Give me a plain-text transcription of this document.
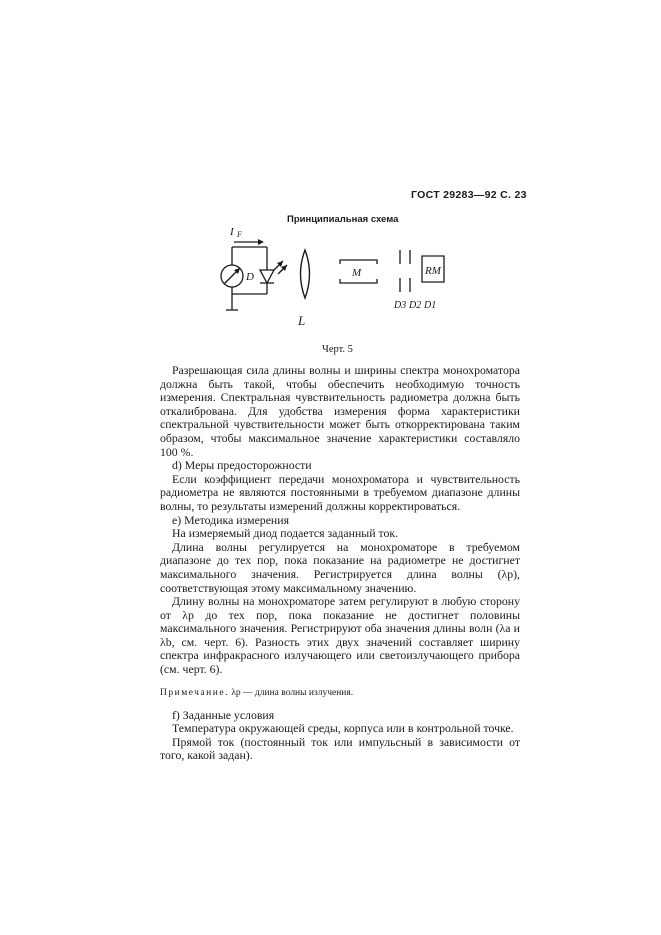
ГОСТ 29283—92 С. 23
Принципиальная схема
I F
D
L
M	RM
D3 D2 D1
Черт. 5

Разрешающая сила длины волны и ширины спектра монохроматора должна быть такой, чтобы обеспечить необходимую точность измерения. Спектральная чувствительность радиометра должна быть откалибрована. Для удобства измерения форма характеристики спектральной чувствительности может быть откорректирована таким образом, чтобы максимальное значение характеристики составляло 100 %.

d) Меры предосторожности

Если коэффициент передачи монохроматора и чувствительность радиометра не являются постоянными в требуемом диапазоне длины волны, то результаты измерений должны корректироваться.

е) Методика измерения

На измеряемый диод подается заданный ток.

Длина волны регулируется на монохроматоре в требуемом диапазоне до тех пор, пока показание на радиометре не достигнет максимального значения. Регистрируется длина волны (λp), соответствующая этому максимальному значению.

Длину волны на монохроматоре затем регулируют в любую сторону от λp до тех пор, пока показание не достигнет половины максимального значения. Регистрируют оба значения длины волн (λa и λb, см. черт. 6). Разность этих двух значений составляет ширину спектра инфракрасного излучающего или светоизлучающего прибора (см. черт. 6).

Примечание. λp — длина волны излучения.

f) Заданные условия

Температура окружающей среды, корпуса или в контрольной точке.

Прямой ток (постоянный ток или импульсный в зависимости от того, какой задан).
